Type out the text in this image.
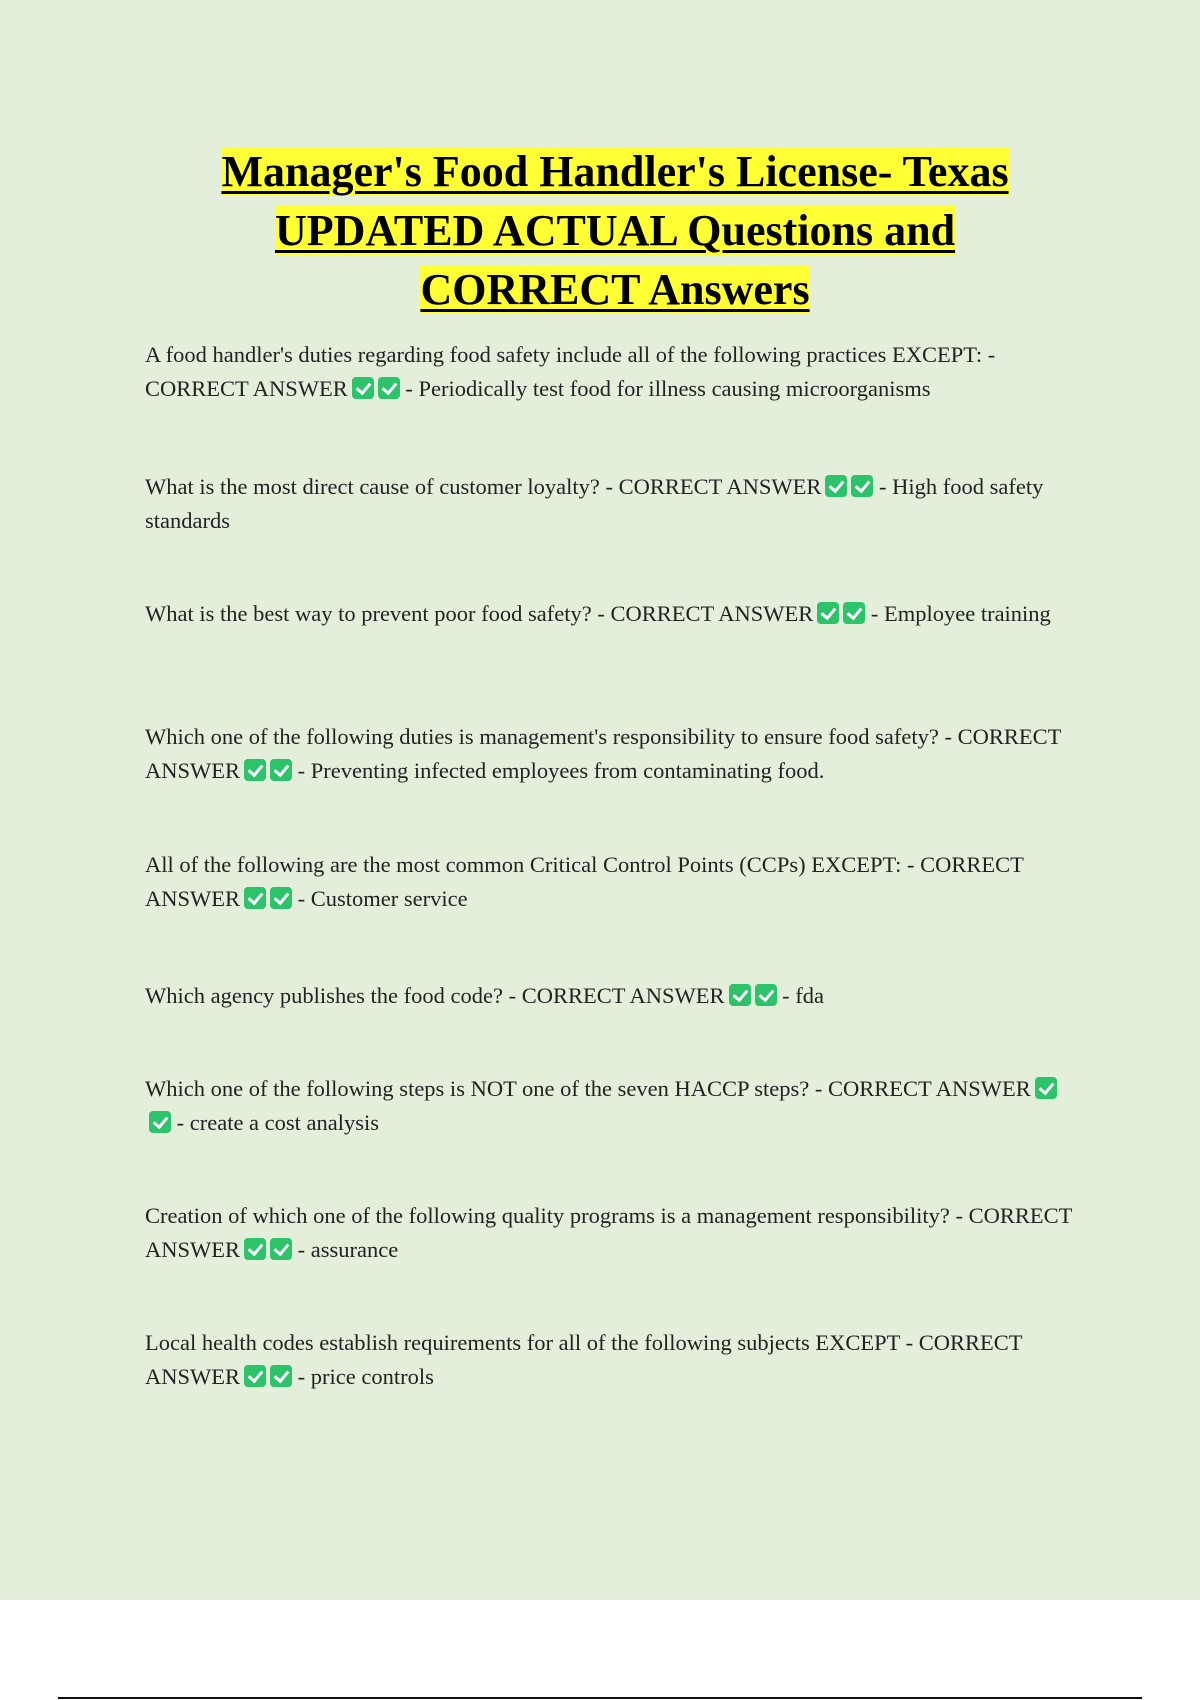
Manager's Food Handler's License- Texas
UPDATED ACTUAL Questions and
CORRECT Answers
A food handler's duties regarding food safety include all of the following practices EXCEPT: - CORRECT ANSWER	- Periodically test food for illness causing microorganisms
What is the most direct cause of customer loyalty? - CORRECT ANSWER	- High food safety standards
What is the best way to prevent poor food safety? - CORRECT ANSWER	- Employee training
Which one of the following duties is management's responsibility to ensure food safety? - CORRECT ANSWER	- Preventing infected employees from contaminating food.
All of the following are the most common Critical Control Points (CCPs) EXCEPT: - CORRECT ANSWER	- Customer service
Which agency publishes the food code? - CORRECT ANSWER	- fda
Which one of the following steps is NOT one of the seven HACCP steps? - CORRECT ANSWER - create a cost analysis
Creation of which one of the following quality programs is a management responsibility? - CORRECT ANSWER	- assurance
Local health codes establish requirements for all of the following subjects EXCEPT - CORRECT ANSWER	- price controls
